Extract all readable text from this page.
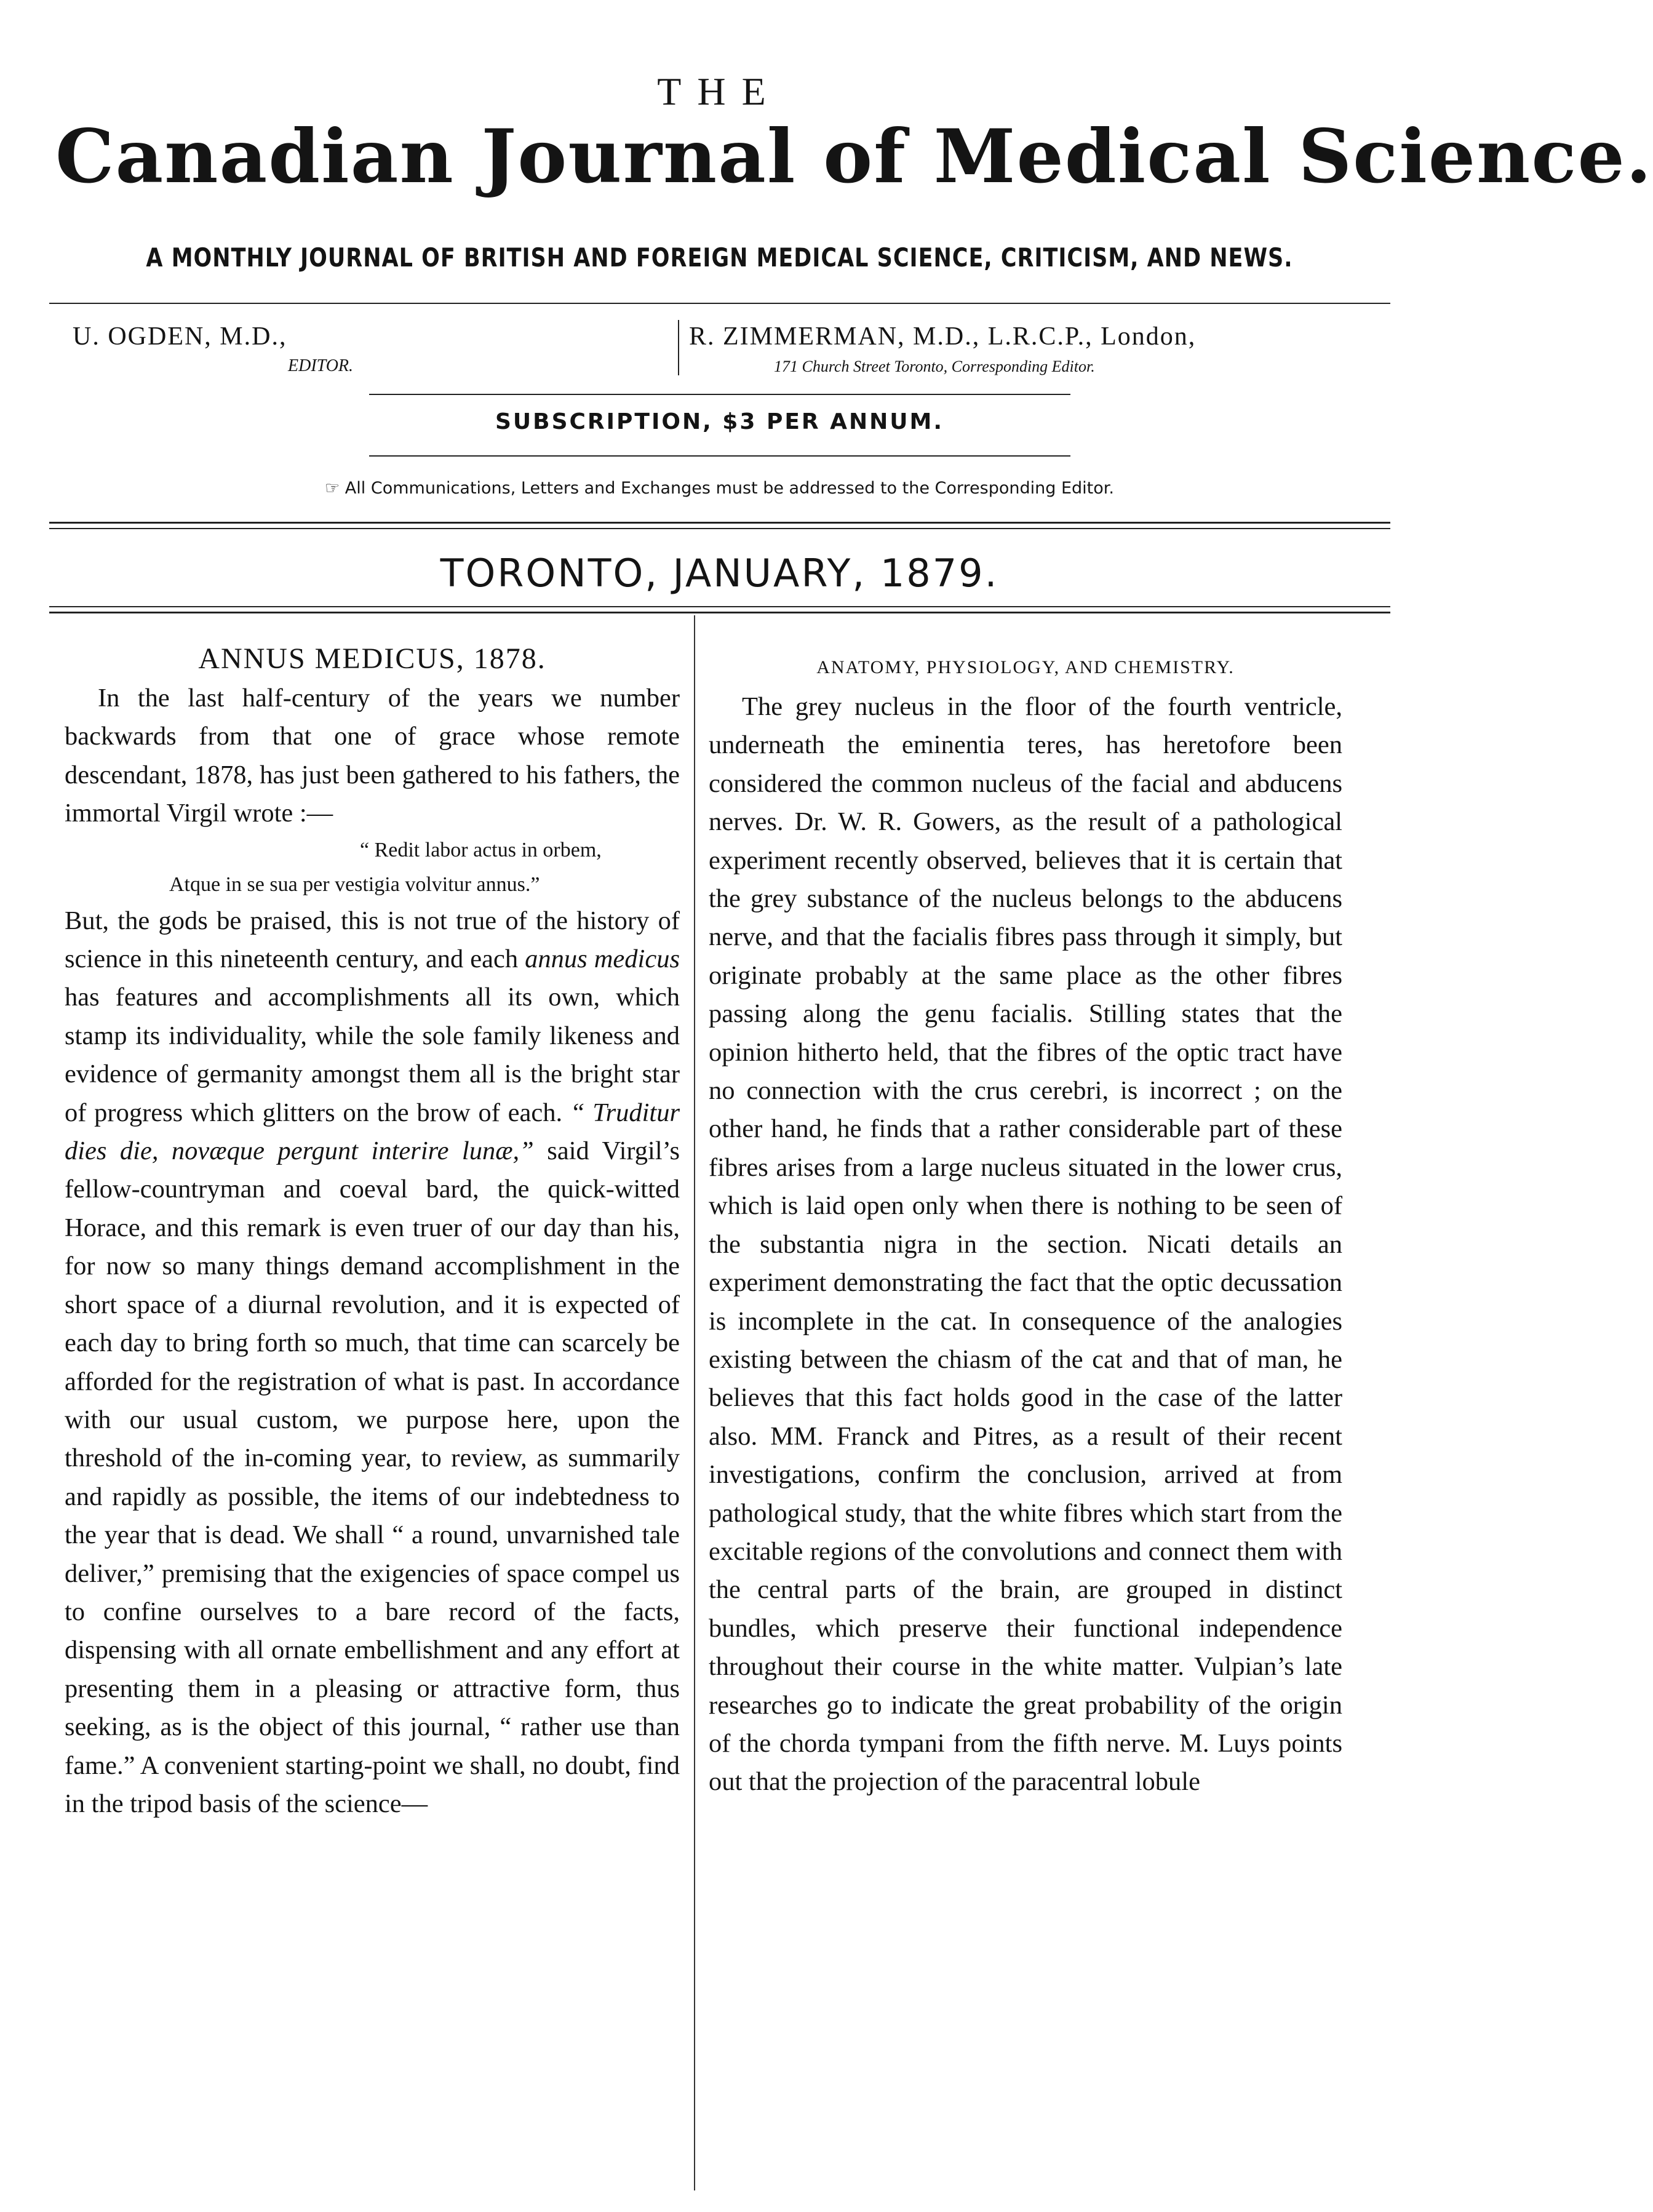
THE
Canadian Journal of Medical Science.
A MONTHLY JOURNAL OF BRITISH AND FOREIGN MEDICAL SCIENCE, CRITICISM, AND NEWS.
U. OGDEN, M.D.,
EDITOR.
R. ZIMMERMAN, M.D., L.R.C.P., London,
171 Church Street Toronto, Corresponding Editor.
SUBSCRIPTION, $3 PER ANNUM.
☞ All Communications, Letters and Exchanges must be addressed to the Corresponding Editor.
TORONTO, JANUARY, 1879.
ANNUS MEDICUS, 1878.

In the last half-century of the years we number backwards from that one of grace whose remote descendant, 1878, has just been gathered to his fathers, the immortal Virgil wrote :—

“ Redit labor actus in orbem,

Atque in se sua per vestigia volvitur annus.”

But, the gods be praised, this is not true of the history of science in this nineteenth century, and each annus medicus has features and accomplishments all its own, which stamp its individuality, while the sole family likeness and evidence of germanity amongst them all is the bright star of progress which glitters on the brow of each. “ Truditur dies die, novæque pergunt interire lunæ,” said Virgil’s fellow-countryman and coeval bard, the quick-witted Horace, and this remark is even truer of our day than his, for now so many things demand accomplishment in the short space of a diurnal revolution, and it is expected of each day to bring forth so much, that time can scarcely be afforded for the registration of what is past. In accordance with our usual custom, we purpose here, upon the threshold of the in-coming year, to review, as summarily and rapidly as possible, the items of our indebtedness to the year that is dead. We shall “ a round, unvarnished tale deliver,” premising that the exigencies of space compel us to confine ourselves to a bare record of the facts, dispensing with all ornate embellishment and any effort at presenting them in a pleasing or attractive form, thus seeking, as is the object of this journal, “ rather use than fame.” A convenient starting-point we shall, no doubt, find in the tripod basis of the science—

ANATOMY, PHYSIOLOGY, AND CHEMISTRY.

The grey nucleus in the floor of the fourth ventricle, underneath the eminentia teres, has heretofore been considered the common nucleus of the facial and abducens nerves. Dr. W. R. Gowers, as the result of a pathological experiment recently observed, believes that it is certain that the grey substance of the nucleus belongs to the abducens nerve, and that the facialis fibres pass through it simply, but originate probably at the same place as the other fibres passing along the genu facialis. Stilling states that the opinion hitherto held, that the fibres of the optic tract have no connection with the crus cerebri, is incorrect ; on the other hand, he finds that a rather considerable part of these fibres arises from a large nucleus situated in the lower crus, which is laid open only when there is nothing to be seen of the substantia nigra in the section. Nicati details an experiment demonstrating the fact that the optic decussation is incomplete in the cat. In consequence of the analogies existing between the chiasm of the cat and that of man, he believes that this fact holds good in the case of the latter also. MM. Franck and Pitres, as a result of their recent investigations, confirm the conclusion, arrived at from pathological study, that the white fibres which start from the excitable regions of the convolutions and connect them with the central parts of the brain, are grouped in distinct bundles, which preserve their functional independence throughout their course in the white matter. Vulpian’s late researches go to indicate the great probability of the origin of the chorda tympani from the fifth nerve. M. Luys points out that the projection of the paracentral lobule
